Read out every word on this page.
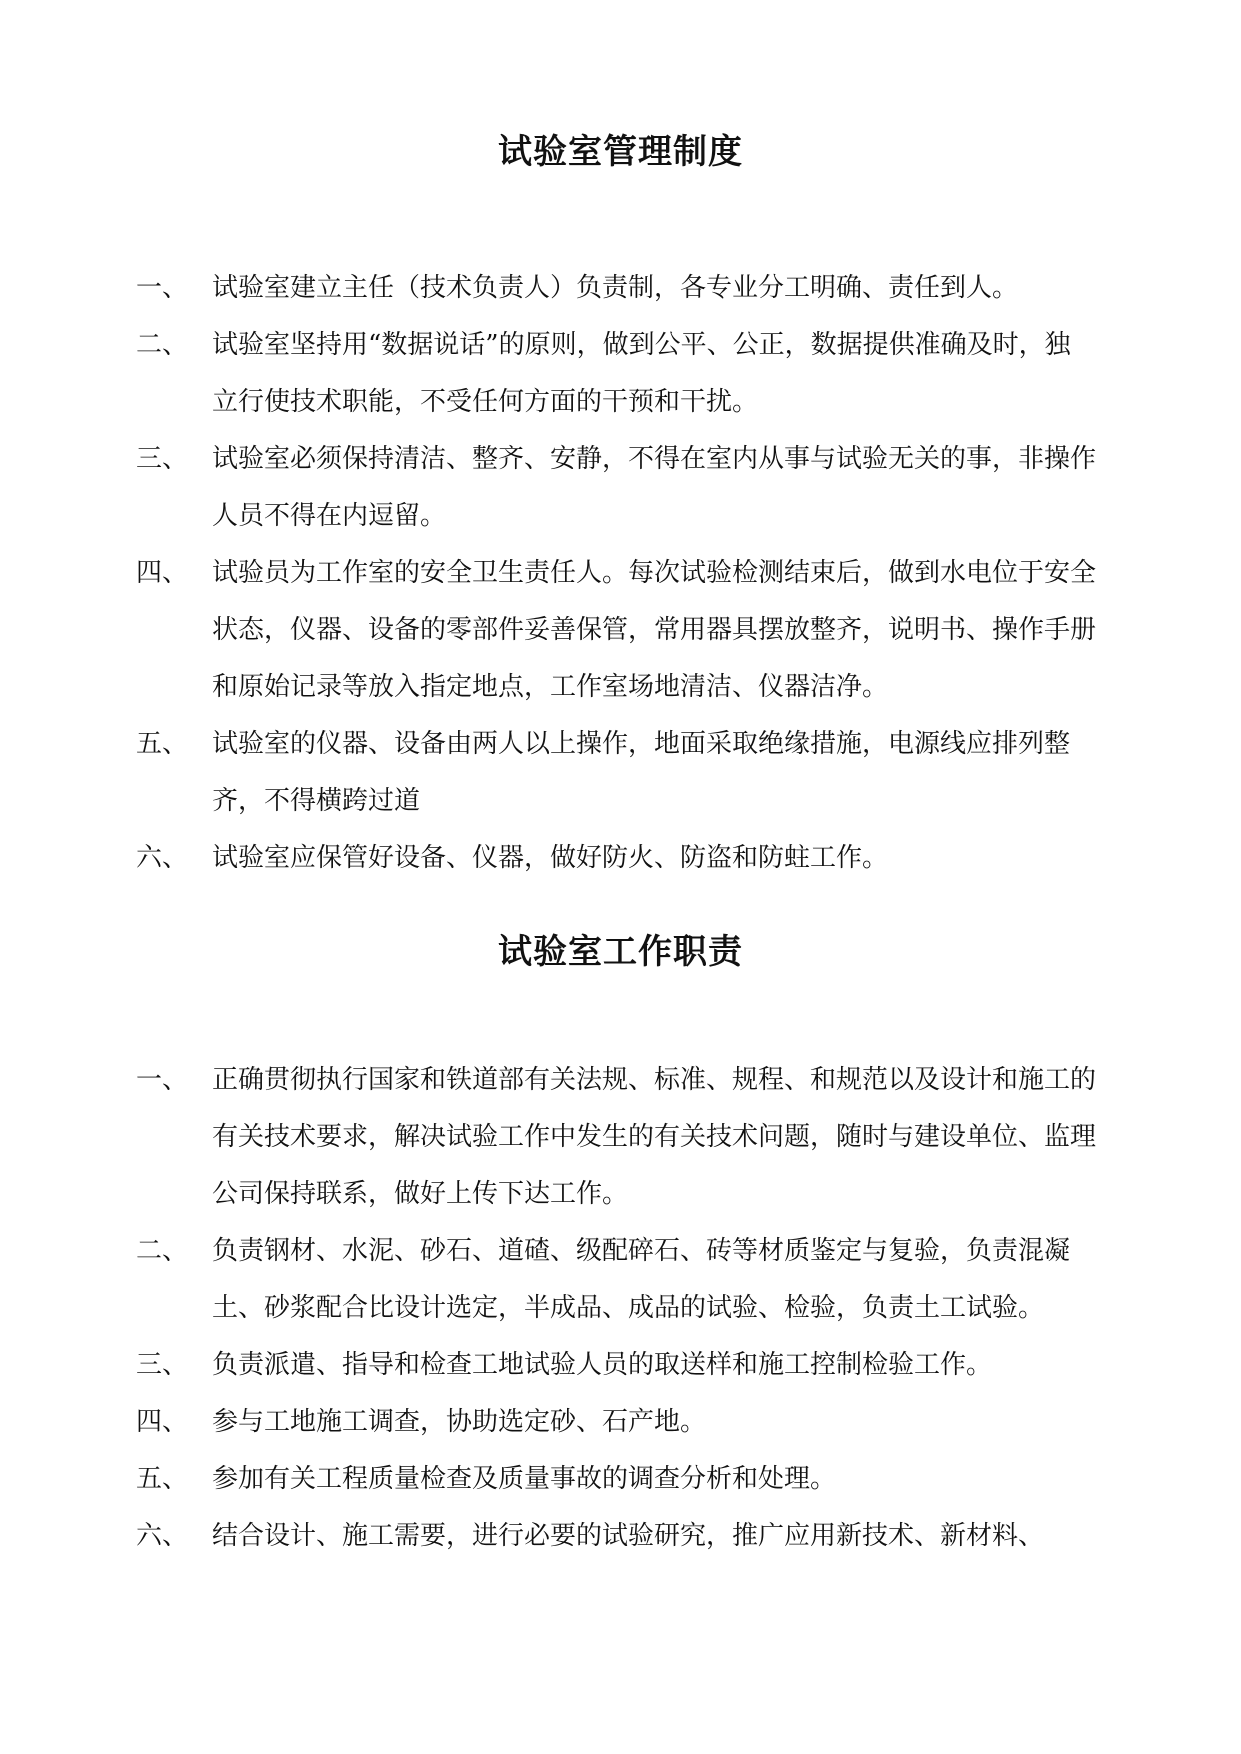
试验室管理制度
一、 试验室建立主任（技术负责人）负责制，各专业分工明确、责任到人。
二、 试验室坚持用“数据说话”的原则，做到公平、公正，数据提供准确及时，独立行使技术职能，不受任何方面的干预和干扰。
三、 试验室必须保持清洁、整齐、安静，不得在室内从事与试验无关的事，非操作人员不得在内逗留。
四、 试验员为工作室的安全卫生责任人。每次试验检测结束后，做到水电位于安全状态，仪器、设备的零部件妥善保管，常用器具摆放整齐，说明书、操作手册和原始记录等放入指定地点，工作室场地清洁、仪器洁净。
五、 试验室的仪器、设备由两人以上操作，地面采取绝缘措施，电源线应排列整齐，不得横跨过道
六、 试验室应保管好设备、仪器，做好防火、防盗和防蛀工作。
试验室工作职责
一、 正确贯彻执行国家和铁道部有关法规、标准、规程、和规范以及设计和施工的有关技术要求，解决试验工作中发生的有关技术问题，随时与建设单位、监理公司保持联系，做好上传下达工作。
二、 负责钢材、水泥、砂石、道碴、级配碎石、砖等材质鉴定与复验，负责混凝土、砂浆配合比设计选定，半成品、成品的试验、检验，负责土工试验。
三、 负责派遣、指导和检查工地试验人员的取送样和施工控制检验工作。
四、 参与工地施工调查，协助选定砂、石产地。
五、 参加有关工程质量检查及质量事故的调查分析和处理。
六、 结合设计、施工需要，进行必要的试验研究，推广应用新技术、新材料、
